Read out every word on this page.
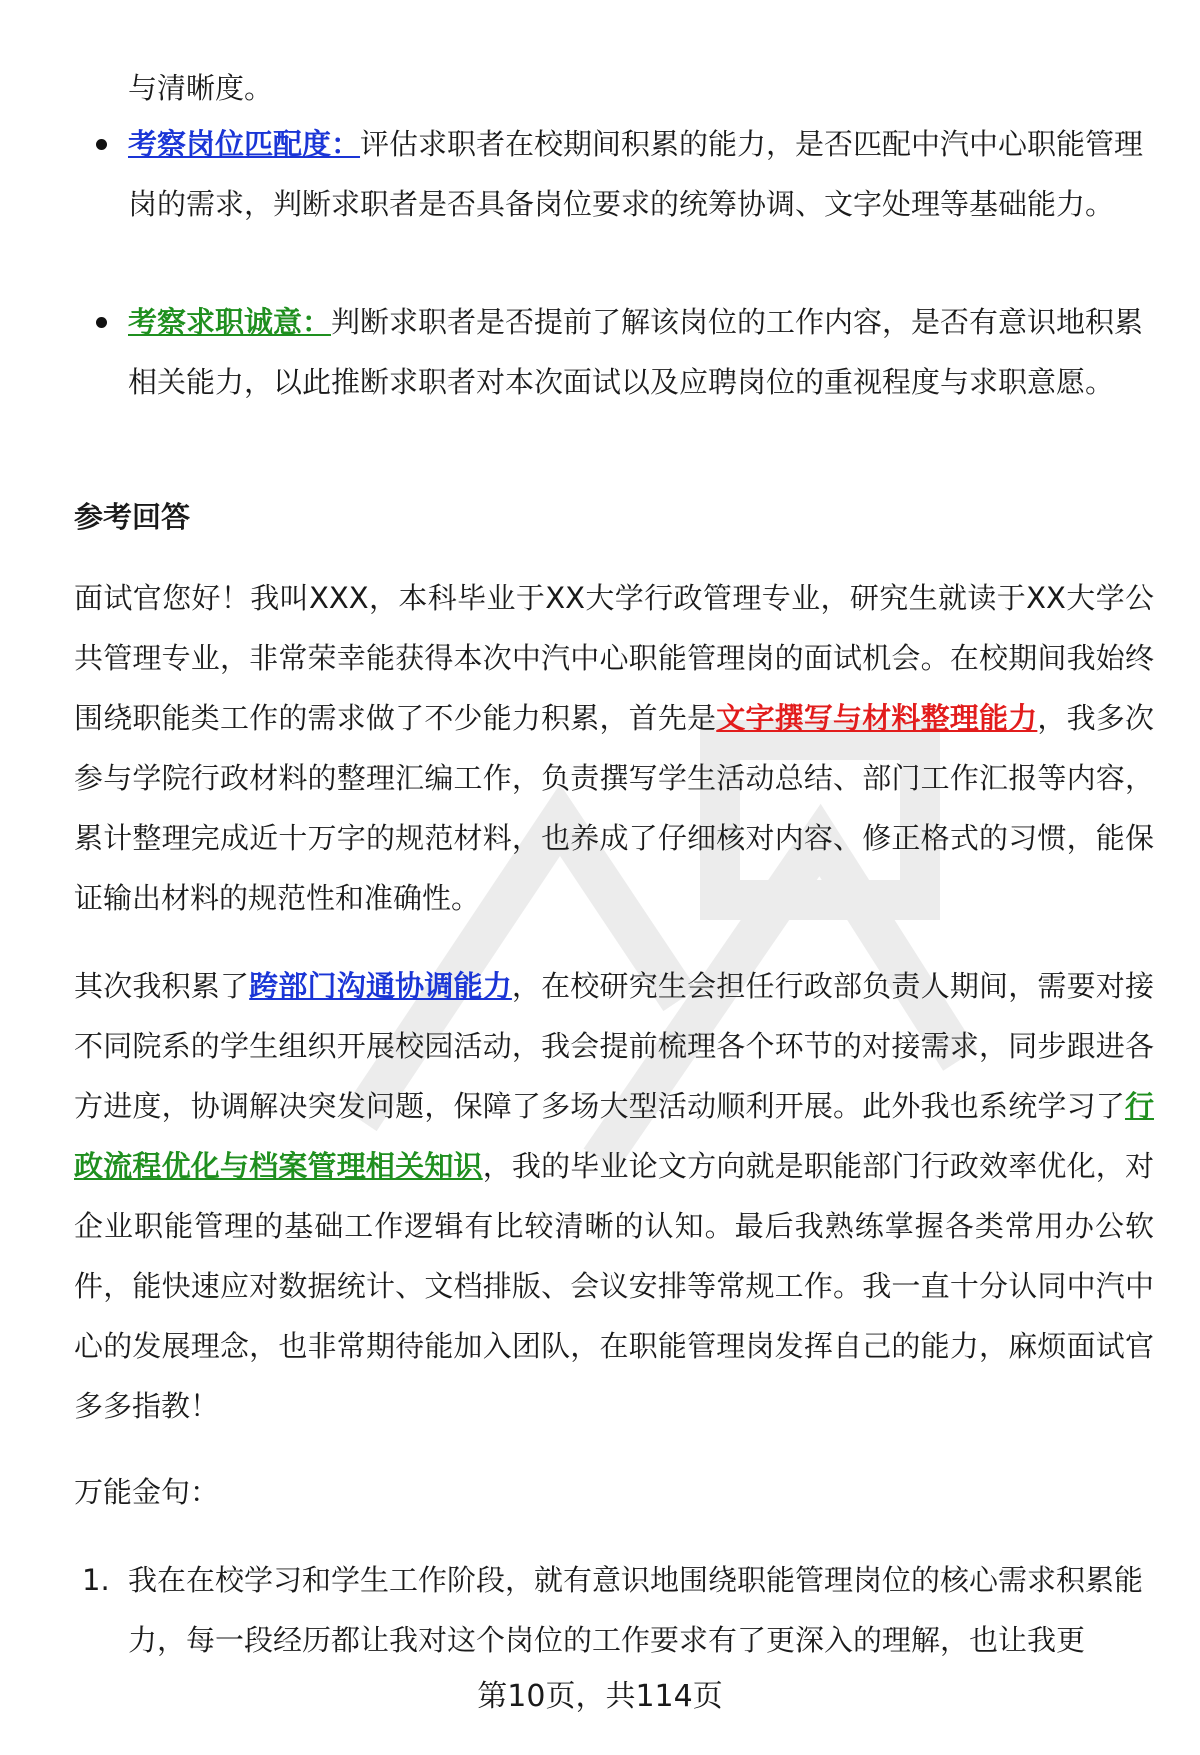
与清晰度。
考察岗位匹配度：评估求职者在校期间积累的能力，是否匹配中汽中心职能管理岗的需求，判断求职者是否具备岗位要求的统筹协调、文字处理等基础能力。
考察求职诚意：判断求职者是否提前了解该岗位的工作内容，是否有意识地积累相关能力，以此推断求职者对本次面试以及应聘岗位的重视程度与求职意愿。
参考回答
面试官您好！我叫XXX，本科毕业于XX大学行政管理专业，研究生就读于XX大学公共管理专业，非常荣幸能获得本次中汽中心职能管理岗的面试机会。在校期间我始终围绕职能类工作的需求做了不少能力积累，首先是文字撰写与材料整理能力，我多次参与学院行政材料的整理汇编工作，负责撰写学生活动总结、部门工作汇报等内容，累计整理完成近十万字的规范材料，也养成了仔细核对内容、修正格式的习惯，能保证输出材料的规范性和准确性。
其次我积累了跨部门沟通协调能力，在校研究生会担任行政部负责人期间，需要对接不同院系的学生组织开展校园活动，我会提前梳理各个环节的对接需求，同步跟进各方进度，协调解决突发问题，保障了多场大型活动顺利开展。此外我也系统学习了行政流程优化与档案管理相关知识，我的毕业论文方向就是职能部门行政效率优化，对企业职能管理的基础工作逻辑有比较清晰的认知。最后我熟练掌握各类常用办公软件，能快速应对数据统计、文档排版、会议安排等常规工作。我一直十分认同中汽中心的发展理念，也非常期待能加入团队，在职能管理岗发挥自己的能力，麻烦面试官多多指教！
万能金句：
1. 我在在校学习和学生工作阶段，就有意识地围绕职能管理岗位的核心需求积累能力，每一段经历都让我对这个岗位的工作要求有了更深入的理解，也让我更
第10页，共114页
